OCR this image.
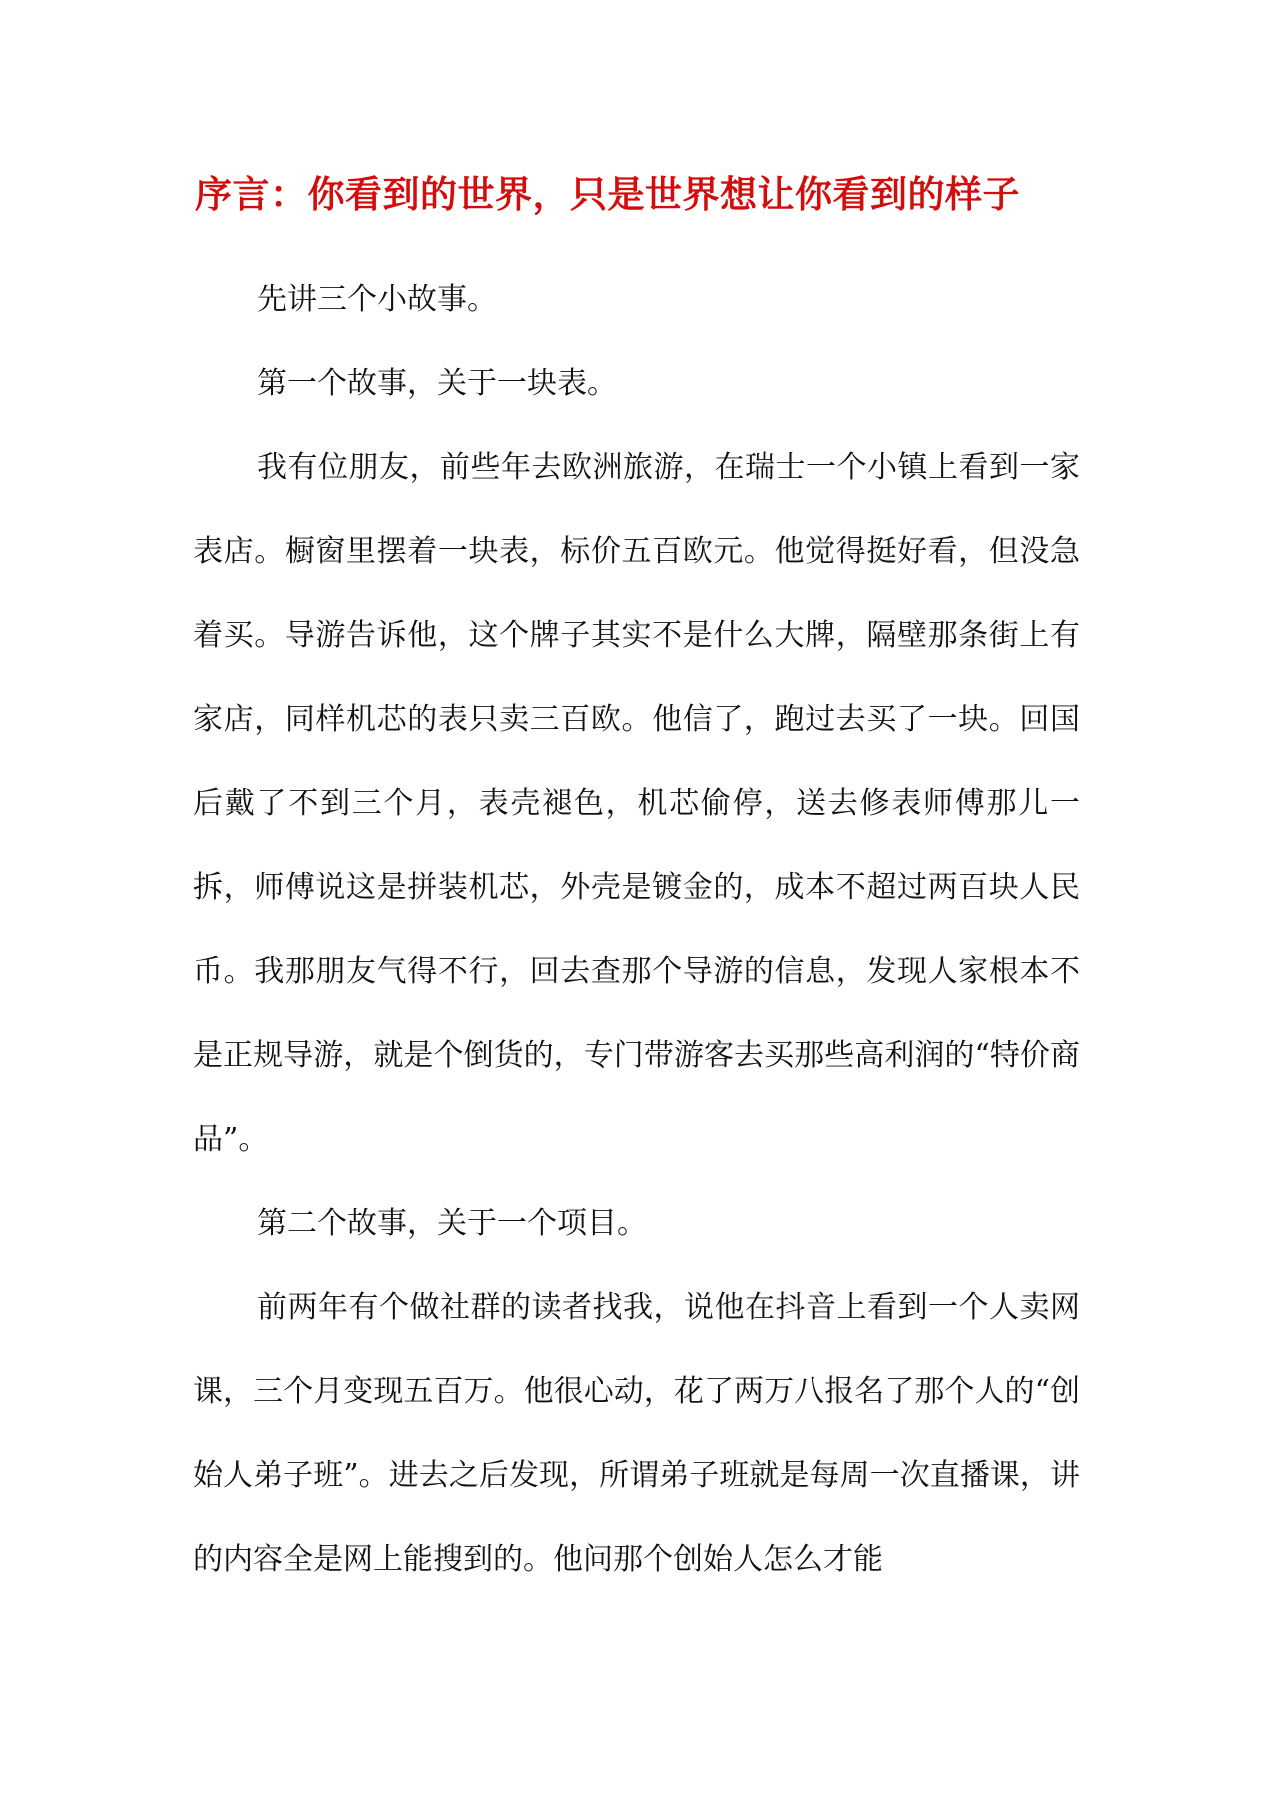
序言：你看到的世界，只是世界想让你看到的样子

先讲三个小故事。

第一个故事，关于一块表。

我有位朋友，前些年去欧洲旅游，在瑞士一个小镇上看到一家表店。橱窗里摆着一块表，标价五百欧元。他觉得挺好看，但没急着买。导游告诉他，这个牌子其实不是什么大牌，隔壁那条街上有家店，同样机芯的表只卖三百欧。他信了，跑过去买了一块。回国后戴了不到三个月，表壳褪色，机芯偷停，送去修表师傅那儿一拆，师傅说这是拼装机芯，外壳是镀金的，成本不超过两百块人民币。我那朋友气得不行，回去查那个导游的信息，发现人家根本不是正规导游，就是个倒货的，专门带游客去买那些高利润的“特价商品”。

第二个故事，关于一个项目。

前两年有个做社群的读者找我，说他在抖音上看到一个人卖网课，三个月变现五百万。他很心动，花了两万八报名了那个人的“创始人弟子班”。进去之后发现，所谓弟子班就是每周一次直播课，讲的内容全是网上能搜到的。他问那个创始人怎么才能
